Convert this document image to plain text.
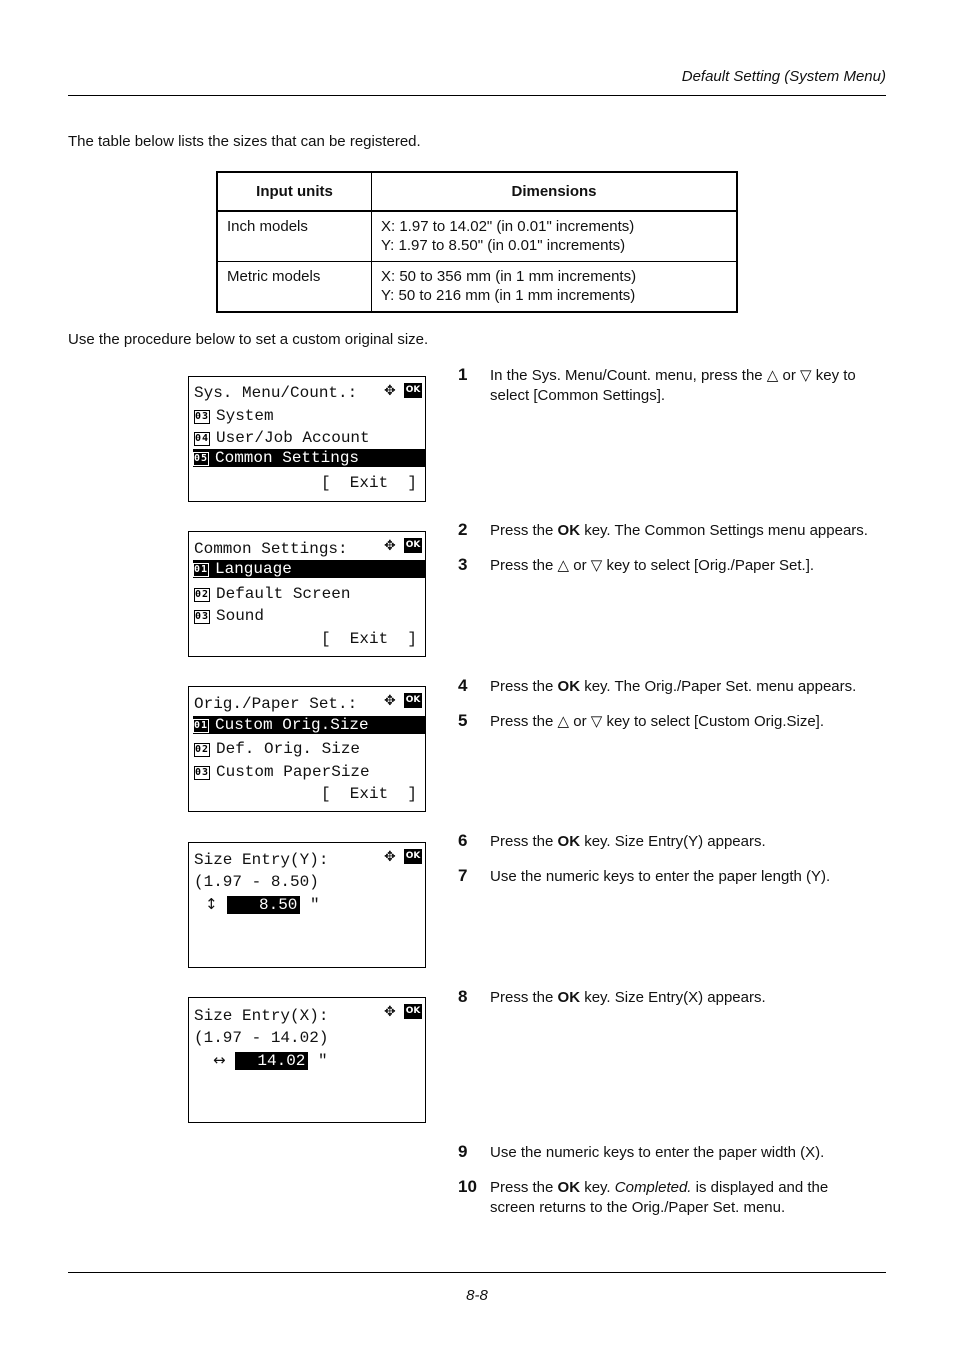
Default Setting (System Menu)
The table below lists the sizes that can be registered.
Input units	Dimensions
Inch models	X: 1.97 to 14.02" (in 0.01" increments)
Y: 1.97 to 8.50" (in 0.01" increments)

Metric models	X: 50 to 356 mm (in 1 mm increments)
Y: 50 to 216 mm (in 1 mm increments)
Use the procedure below to set a custom original size.
Sys. Menu/Count.: ✥ OK
03 System
04 User/Job Account
05 Common Settings
[  Exit  ]
Common Settings:	✥ OK
01 Language
02 Default Screen
03 Sound
[  Exit  ]
Orig./Paper Set.: ✥ OK
01 Custom Orig.Size
02 Def. Orig. Size
03 Custom PaperSize
[  Exit  ]
Size Entry(Y):	✥ OK
(1.97 - 8.50)
↕	8.50 "
Size Entry(X):	✥ OK
(1.97 - 14.02)
↔ 14.02 "
1 In the Sys. Menu/Count. menu, press the △ or ▽ key to
select [Common Settings].
2 Press the OK key. The Common Settings menu appears.
3 Press the △ or ▽ key to select [Orig./Paper Set.].
4 Press the OK key. The Orig./Paper Set. menu appears.
5 Press the △ or ▽ key to select [Custom Orig.Size].
6 Press the OK key. Size Entry(Y) appears.
7 Use the numeric keys to enter the paper length (Y).
8 Press the OK key. Size Entry(X) appears.
9 Use the numeric keys to enter the paper width (X).
10 Press the OK key. Completed. is displayed and the
screen returns to the Orig./Paper Set. menu.
8-8
